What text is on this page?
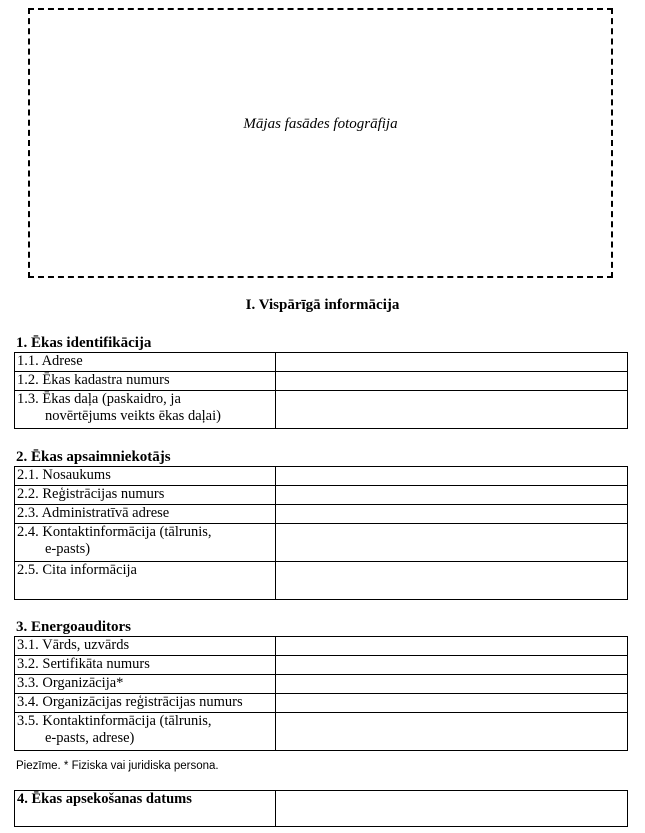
Mājas fasādes fotogrāfija
I. Vispārīgā informācija
1. Ēkas identifikācija
1.1. Adrese	
1.2. Ēkas kadastra numurs	
1.3. Ēkas daļa (paskaidro, ja
novērtējums veikts ēkas daļai)	

2. Ēkas apsaimniekotājs
2.1. Nosaukums	
2.2. Reģistrācijas numurs	
2.3. Administratīvā adrese	
2.4. Kontaktinformācija (tālrunis,
e-pasts)	

2.5. Cita informācija	
3. Energoauditors
3.1. Vārds, uzvārds	
3.2. Sertifikāta numurs	
3.3. Organizācija*	
3.4. Organizācijas reģistrācijas numurs	
3.5. Kontaktinformācija (tālrunis,
e-pasts, adrese)	

Piezīme. * Fiziska vai juridiska persona.
4. Ēkas apsekošanas datums	
